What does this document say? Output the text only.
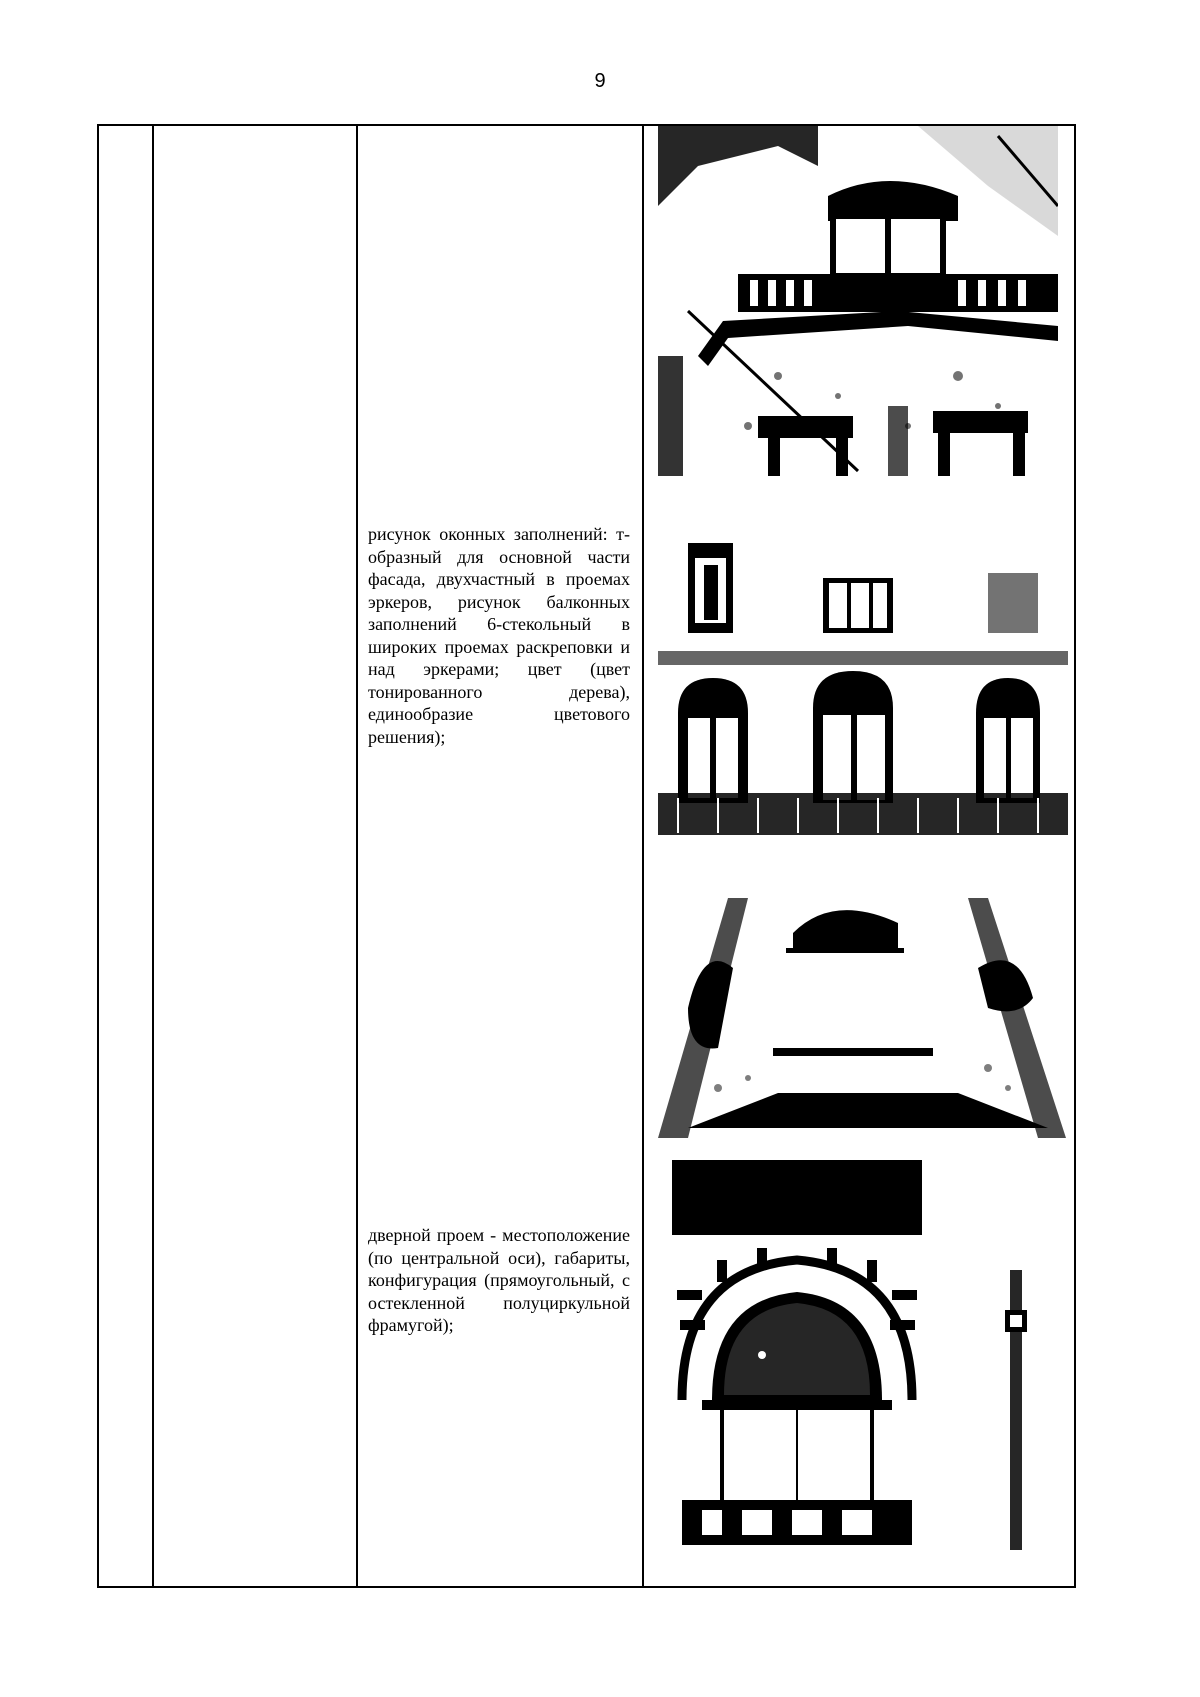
9
рисунок оконных заполнений: т-образный для основной части фасада, двухчастный в проемах эркеров, рисунок балконных заполнений 6-стекольный в широких проемах раскреповки и над эркерами; цвет (цвет тонированного дерева), единообразие цветового решения);
дверной проем - местоположение (по центральной оси), габариты, конфигурация (прямоугольный, с остекленной полуциркульной фрамугой);
